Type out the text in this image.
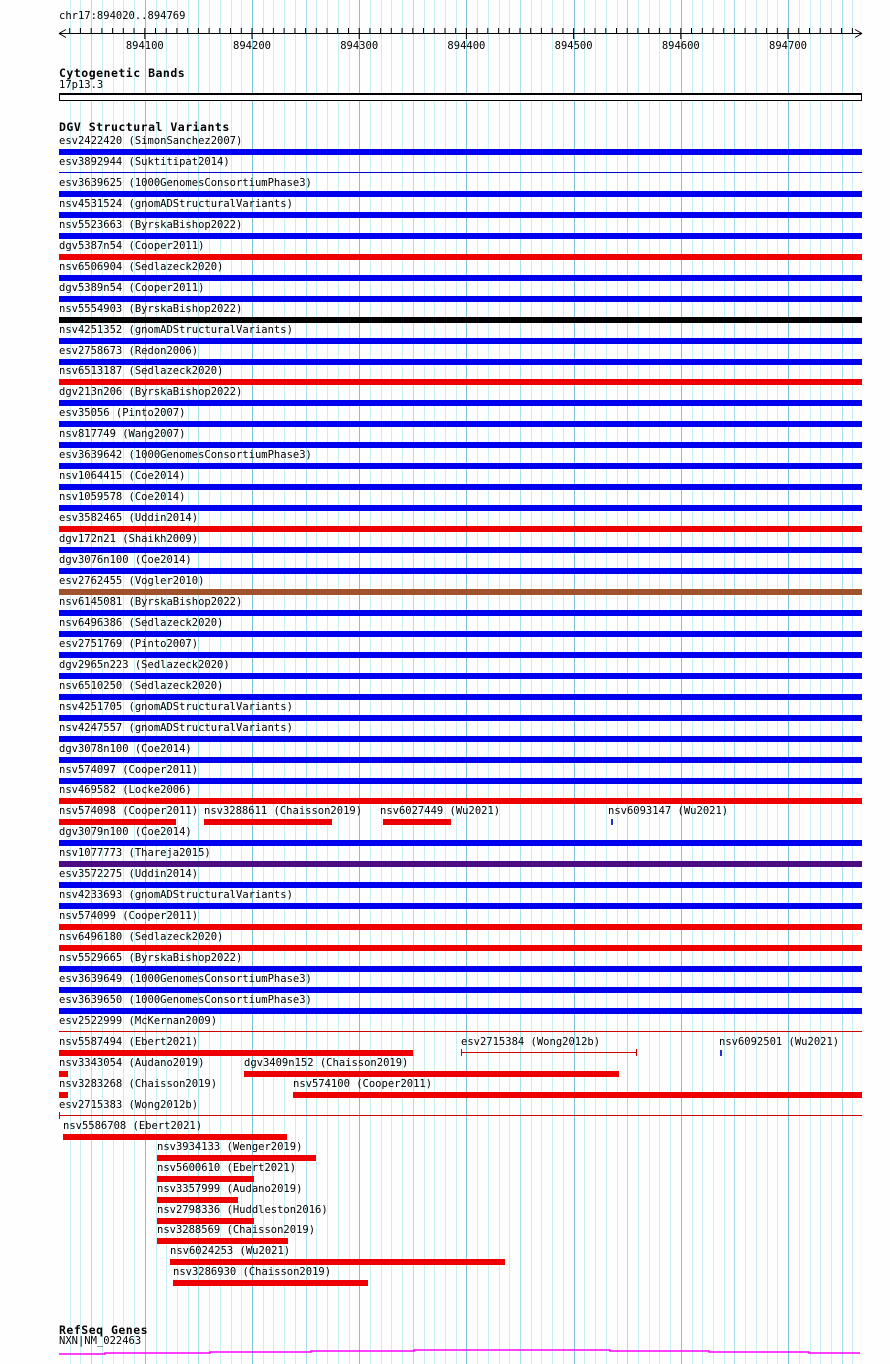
chr17:894020..894769
894100	894200	894300	894400	894500	894600	894700
Cytogenetic Bands
17p13.3
DGV Structural Variants
esv2422420 (SimonSanchez2007)
esv3892944 (Suktitipat2014)
esv3639625 (1000GenomesConsortiumPhase3)
nsv4531524 (gnomADStructuralVariants)
nsv5523663 (ByrskaBishop2022)
dgv5387n54 (Cooper2011)
nsv6506904 (Sedlazeck2020)
dgv5389n54 (Cooper2011)
nsv5554903 (ByrskaBishop2022)
nsv4251352 (gnomADStructuralVariants)
esv2758673 (Redon2006)
nsv6513187 (Sedlazeck2020)
dgv213n206 (ByrskaBishop2022)
esv35056 (Pinto2007)
nsv817749 (Wang2007)
esv3639642 (1000GenomesConsortiumPhase3)
nsv1064415 (Coe2014)
nsv1059578 (Coe2014)
esv3582465 (Uddin2014)
dgv172n21 (Shaikh2009)
dgv3076n100 (Coe2014)
esv2762455 (Vogler2010)
nsv6145081 (ByrskaBishop2022)
nsv6496386 (Sedlazeck2020)
esv2751769 (Pinto2007)
dgv2965n223 (Sedlazeck2020)
nsv6510250 (Sedlazeck2020)
nsv4251705 (gnomADStructuralVariants)
nsv4247557 (gnomADStructuralVariants)
dgv3078n100 (Coe2014)
nsv574097 (Cooper2011)
nsv469582 (Locke2006)
nsv574098 (Cooper2011) nsv3288611 (Chaisson2019) nsv6027449 (Wu2021)	nsv6093147 (Wu2021)
dgv3079n100 (Coe2014)
nsv1077773 (Thareja2015)
esv3572275 (Uddin2014)
nsv4233693 (gnomADStructuralVariants)
nsv574099 (Cooper2011)
nsv6496180 (Sedlazeck2020)
nsv5529665 (ByrskaBishop2022)
esv3639649 (1000GenomesConsortiumPhase3)
esv3639650 (1000GenomesConsortiumPhase3)
esv2522999 (McKernan2009)
nsv5587494 (Ebert2021)	esv2715384 (Wong2012b)	nsv6092501 (Wu2021)
nsv3343054 (Audano2019)	dgv3409n152 (Chaisson2019)
nsv3283268 (Chaisson2019)	nsv574100 (Cooper2011)
esv2715383 (Wong2012b)
nsv5586708 (Ebert2021)
nsv3934133 (Wenger2019)
nsv5600610 (Ebert2021)
nsv3357999 (Audano2019)
nsv2798336 (Huddleston2016)
nsv3288569 (Chaisson2019)
nsv6024253 (Wu2021)
nsv3286930 (Chaisson2019)
RefSeq Genes
NXN|NM_022463
